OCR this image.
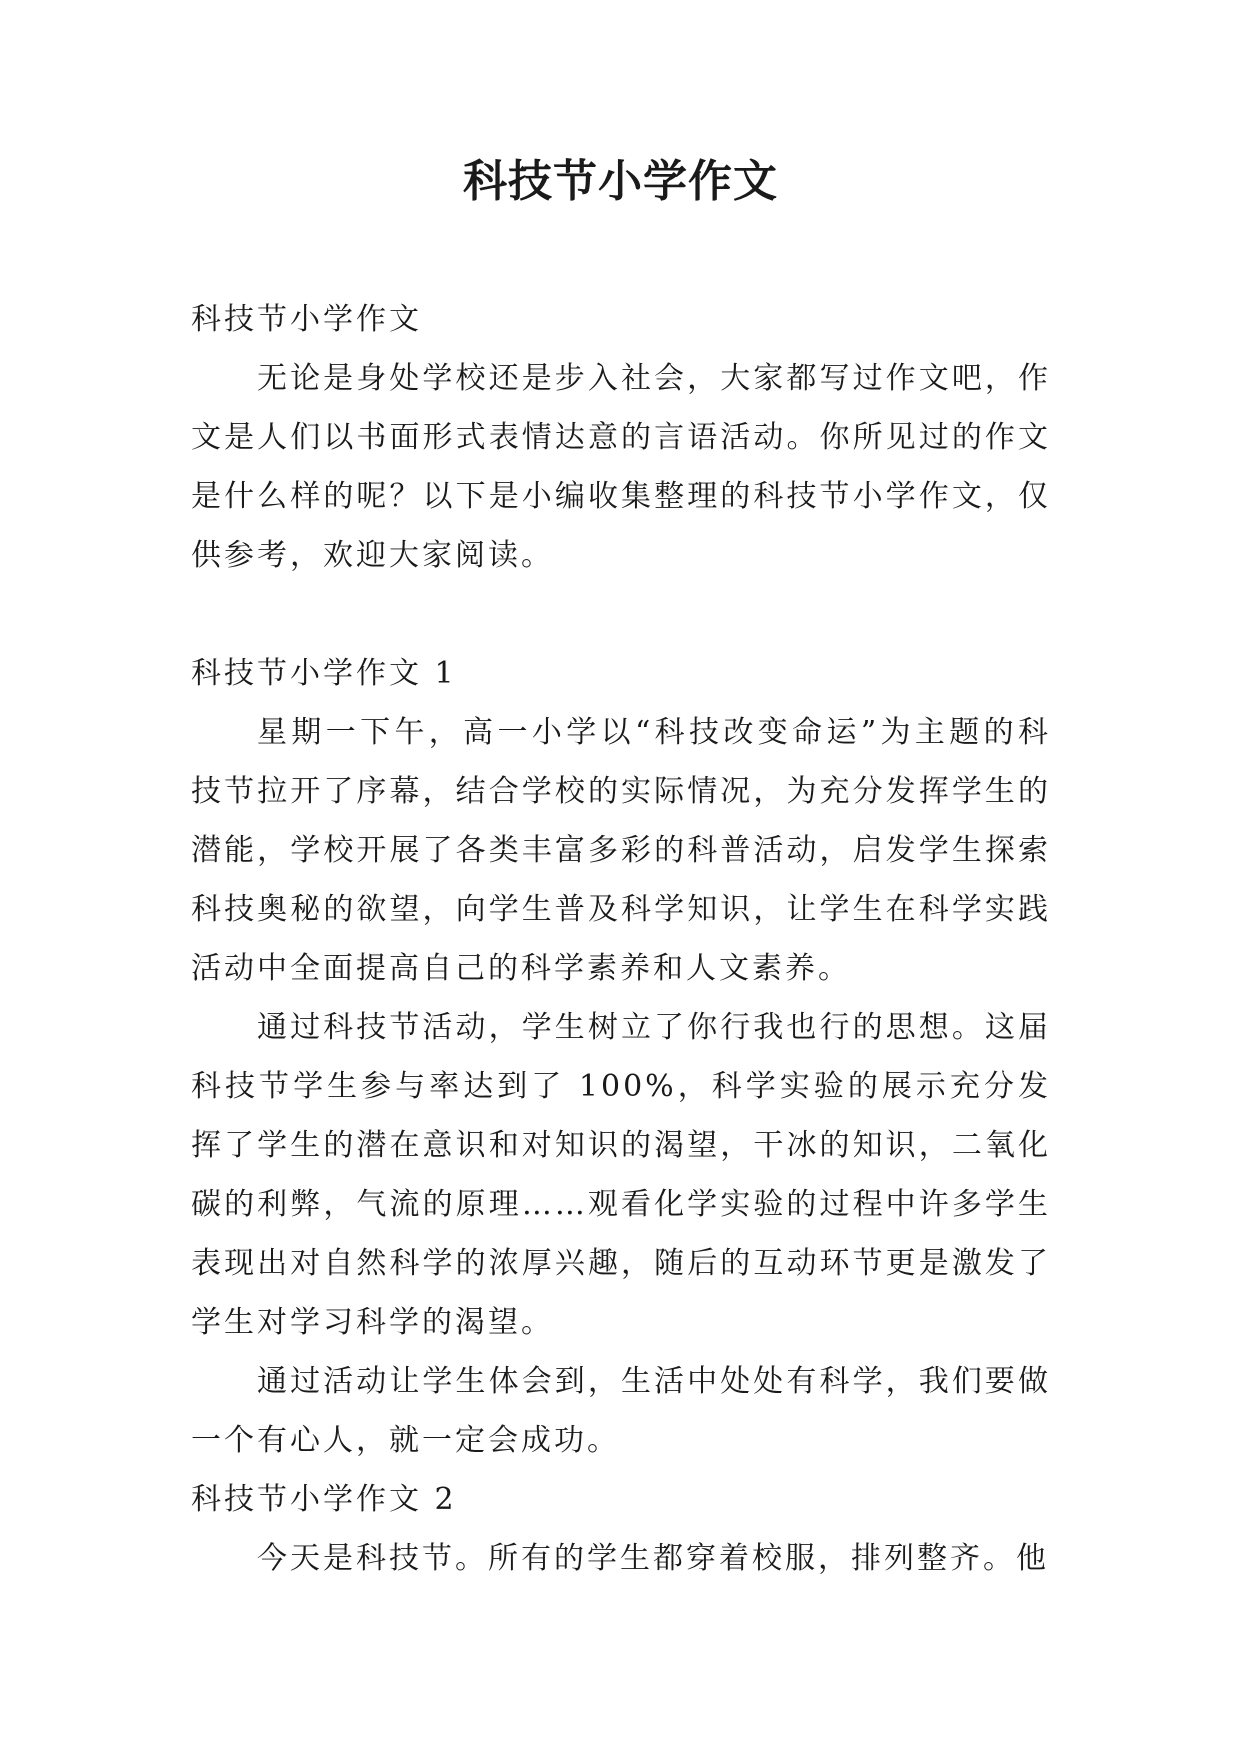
科技节小学作文

科技节小学作文

无论是身处学校还是步入社会，大家都写过作文吧，作文是人们以书面形式表情达意的言语活动。你所见过的作文是什么样的呢？以下是小编收集整理的科技节小学作文，仅供参考，欢迎大家阅读。

科技节小学作文 1

星期一下午，高一小学以“科技改变命运”为主题的科技节拉开了序幕，结合学校的实际情况，为充分发挥学生的潜能，学校开展了各类丰富多彩的科普活动，启发学生探索科技奥秘的欲望，向学生普及科学知识，让学生在科学实践活动中全面提高自己的科学素养和人文素养。

通过科技节活动，学生树立了你行我也行的思想。这届科技节学生参与率达到了 100%，科学实验的展示充分发挥了学生的潜在意识和对知识的渴望，干冰的知识，二氧化碳的利弊，气流的原理……观看化学实验的过程中许多学生表现出对自然科学的浓厚兴趣，随后的互动环节更是激发了学生对学习科学的渴望。

通过活动让学生体会到，生活中处处有科学，我们要做一个有心人，就一定会成功。

科技节小学作文 2

今天是科技节。所有的学生都穿着校服，排列整齐。他
